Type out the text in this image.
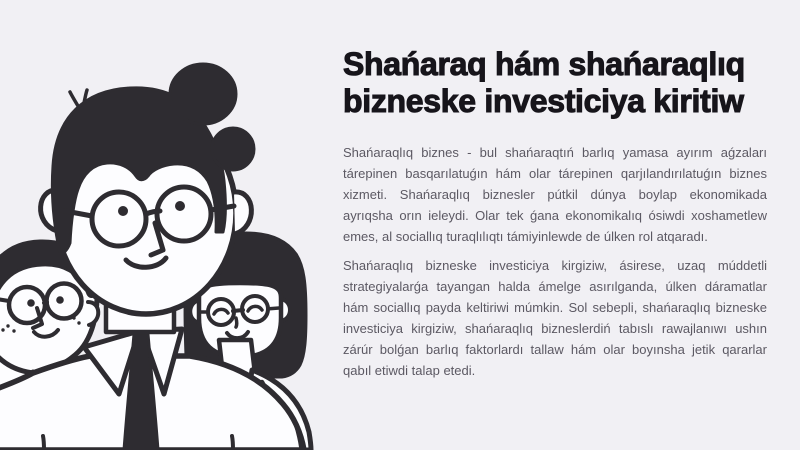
Shańaraq hám shańaraqlıq
bizneske investiciya kiritiw
Shańaraqlıq biznes - bul shańaraqtıń barlıq yamasa ayırım aǵzaları
tárepinen basqarılatuǵın hám olar tárepinen qarjılandırılatuǵın biznes
xizmeti. Shańaraqlıq biznesler pútkil dúnya boylap ekonomikada
ayrıqsha orın ieleydi. Olar tek ǵana ekonomikalıq ósiwdi xoshametlew
emes, al sociallıq turaqlılıqtı támiyinlewde de úlken rol atqaradı.
Shańaraqlıq bizneske investiciya kirgiziw, ásirese, uzaq múddetli
strategiyalarǵa tayangan halda ámelge asırılganda, úlken dáramatlar
hám sociallıq payda keltiriwi múmkin. Sol sebepli, shańaraqlıq bizneske
investiciya kirgiziw, shańaraqlıq bizneslerdiń tabıslı rawajlanıwı ushın
zárúr bolǵan barlıq faktorlardı tallaw hám olar boyınsha jetik qararlar
qabıl etiwdi talap etedi.
